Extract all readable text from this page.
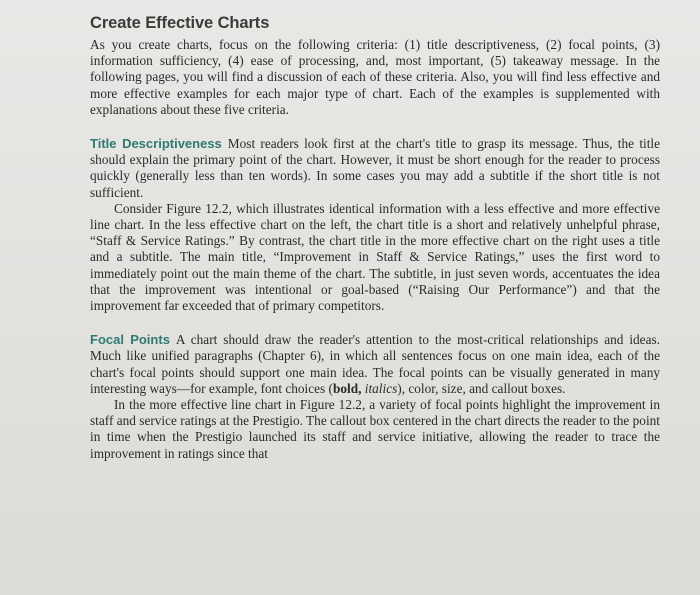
Create Effective Charts

As you create charts, focus on the following criteria: (1) title descriptiveness, (2) focal points, (3) information sufficiency, (4) ease of processing, and, most important, (5) takeaway message. In the following pages, you will find a discussion of each of these criteria. Also, you will find less effective and more effective examples for each major type of chart. Each of the examples is supplemented with explanations about these five criteria.

Title Descriptiveness Most readers look first at the chart's title to grasp its message. Thus, the title should explain the primary point of the chart. However, it must be short enough for the reader to process quickly (generally less than ten words). In some cases you may add a subtitle if the short title is not sufficient.

Consider Figure 12.2, which illustrates identical information with a less effective and more effective line chart. In the less effective chart on the left, the chart title is a short and relatively unhelpful phrase, “Staff & Service Ratings.” By contrast, the chart title in the more effective chart on the right uses a title and a subtitle. The main title, “Improvement in Staff & Service Ratings,” uses the first word to immediately point out the main theme of the chart. The subtitle, in just seven words, accentuates the idea that the improvement was intentional or goal-based (“Raising Our Performance”) and that the improvement far exceeded that of primary competitors.

Focal Points A chart should draw the reader's attention to the most-critical relationships and ideas. Much like unified paragraphs (Chapter 6), in which all sentences focus on one main idea, each of the chart's focal points should support one main idea. The focal points can be visually generated in many interesting ways—for example, font choices (bold, italics), color, size, and callout boxes.

In the more effective line chart in Figure 12.2, a variety of focal points highlight the improvement in staff and service ratings at the Prestigio. The callout box centered in the chart directs the reader to the point in time when the Prestigio launched its staff and service initiative, allowing the reader to trace the improvement in ratings since that
